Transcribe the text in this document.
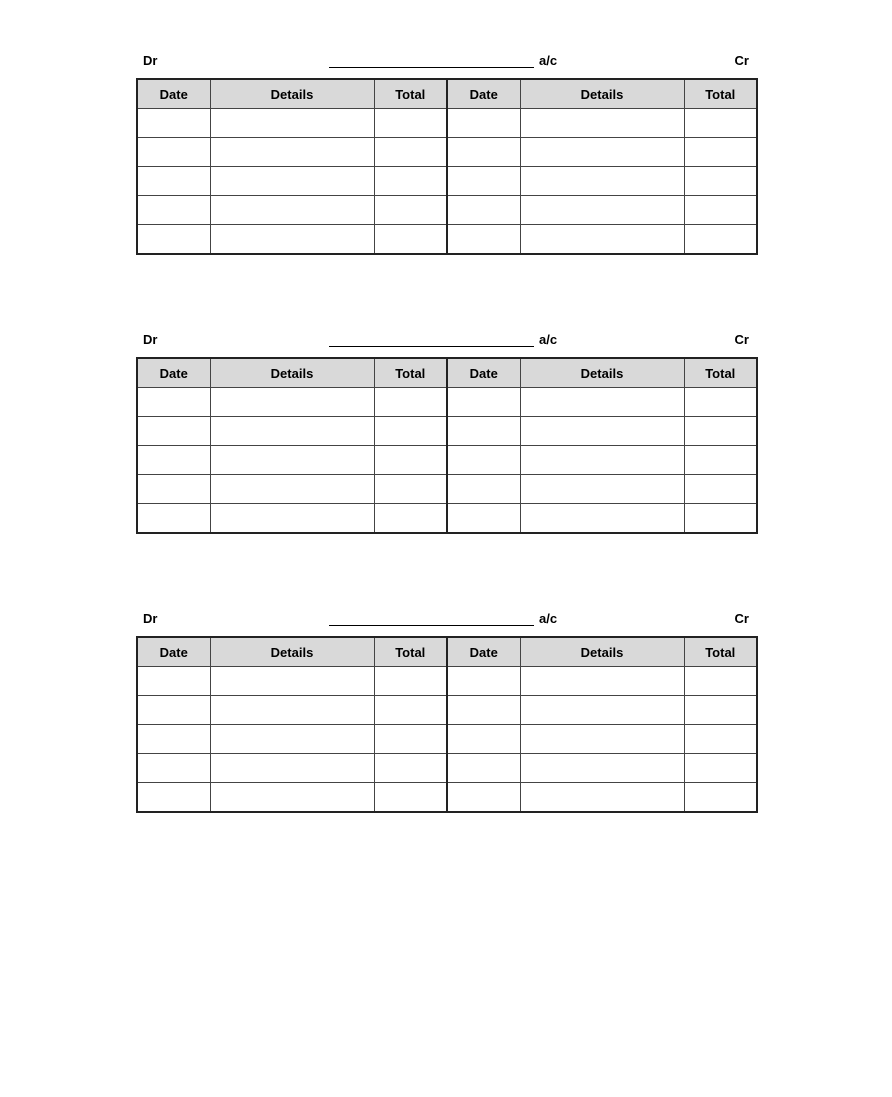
Dr	a/c	Cr
Date	Details	Total	Date	Details	Total

Dr	a/c	Cr
Date	Details	Total	Date	Details	Total

Dr	a/c	Cr
Date	Details	Total	Date	Details	Total
